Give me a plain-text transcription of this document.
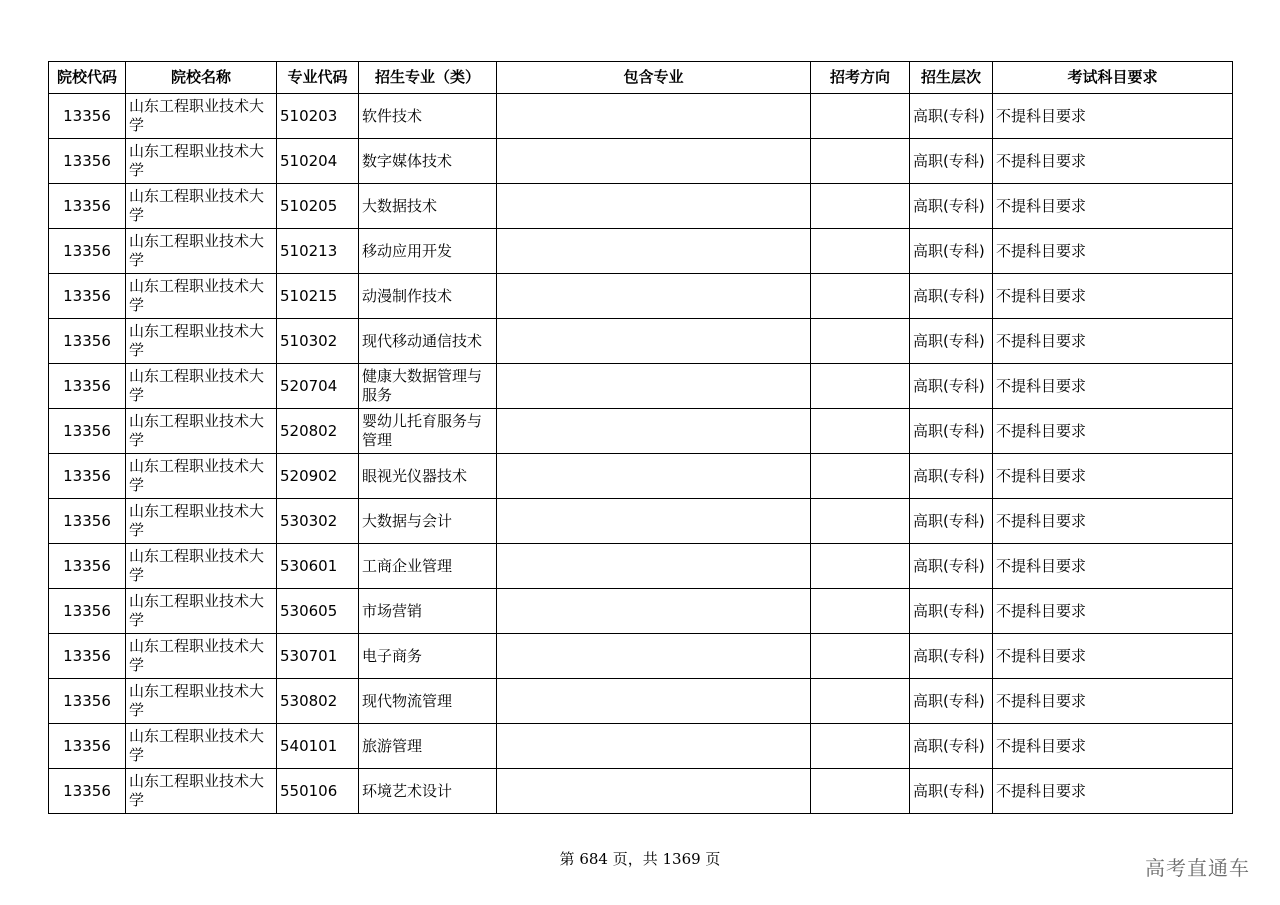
院校代码	院校名称	专业代码	招生专业（类）	包含专业	招考方向	招生层次	考试科目要求
13356	山东工程职业技术大学	510203	软件技术			高职(专科)	不提科目要求
13356	山东工程职业技术大学	510204	数字媒体技术			高职(专科)	不提科目要求
13356	山东工程职业技术大学	510205	大数据技术			高职(专科)	不提科目要求
13356	山东工程职业技术大学	510213	移动应用开发			高职(专科)	不提科目要求
13356	山东工程职业技术大学	510215	动漫制作技术			高职(专科)	不提科目要求
13356	山东工程职业技术大学	510302	现代移动通信技术			高职(专科)	不提科目要求
13356	山东工程职业技术大学	520704	健康大数据管理与服务			高职(专科)	不提科目要求
13356	山东工程职业技术大学	520802	婴幼儿托育服务与管理			高职(专科)	不提科目要求
13356	山东工程职业技术大学	520902	眼视光仪器技术			高职(专科)	不提科目要求
13356	山东工程职业技术大学	530302	大数据与会计			高职(专科)	不提科目要求
13356	山东工程职业技术大学	530601	工商企业管理			高职(专科)	不提科目要求
13356	山东工程职业技术大学	530605	市场营销			高职(专科)	不提科目要求
13356	山东工程职业技术大学	530701	电子商务			高职(专科)	不提科目要求
13356	山东工程职业技术大学	530802	现代物流管理			高职(专科)	不提科目要求
13356	山东工程职业技术大学	540101	旅游管理			高职(专科)	不提科目要求
13356	山东工程职业技术大学	550106	环境艺术设计			高职(专科)	不提科目要求
第 684 页，共 1369 页	高考直通车
